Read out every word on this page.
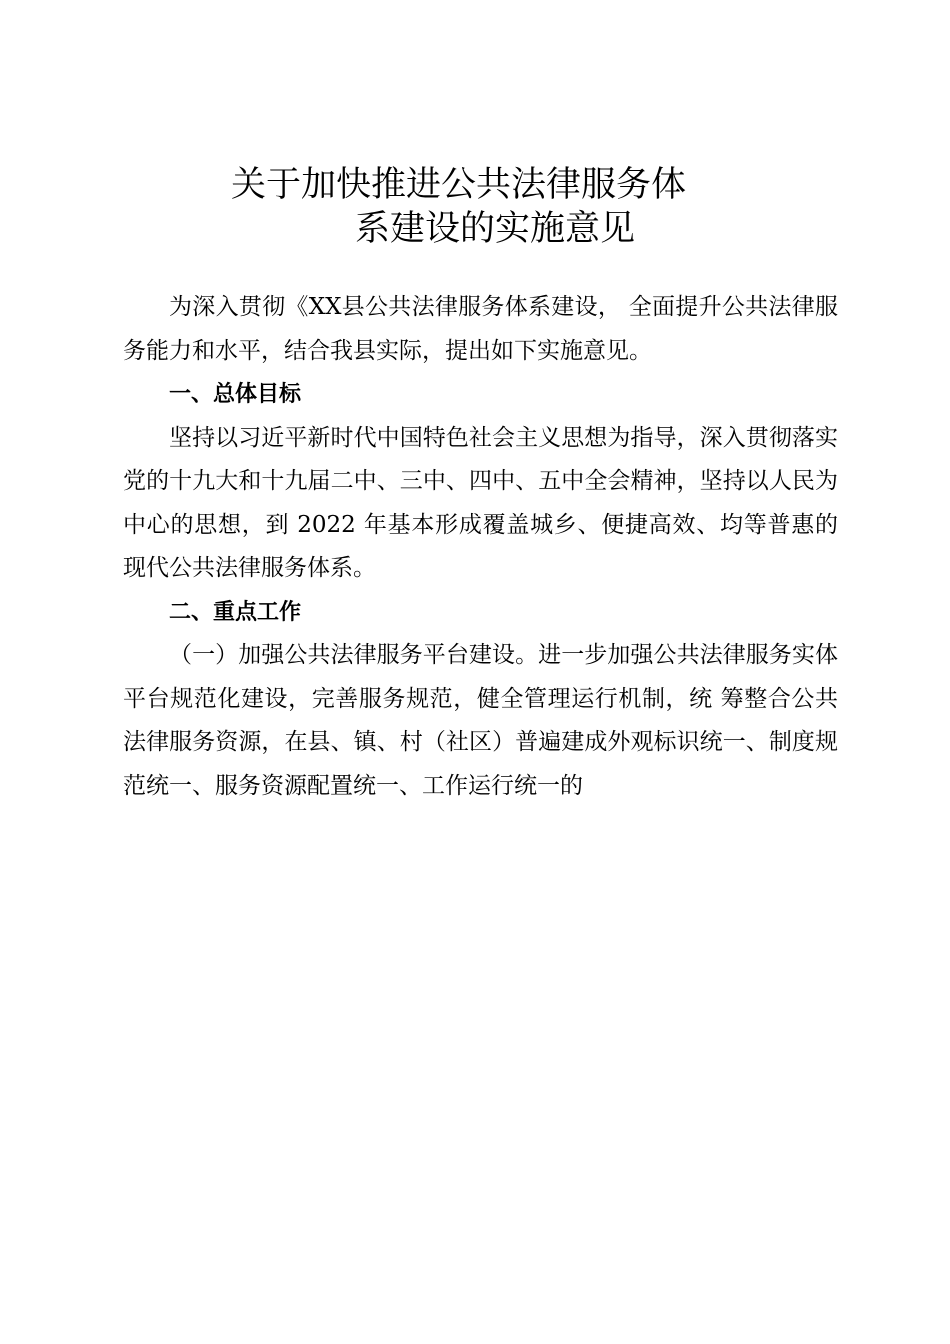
关于加快推进公共法律服务体
系建设的实施意见

为深入贯彻《XX县公共法律服务体系建设， 全面提升公共法律服务能力和水平，结合我县实际，提出如下实施意见。

一、总体目标

坚持以习近平新时代中国特色社会主义思想为指导，深入贯彻落实党的十九大和十九届二中、三中、四中、五中全会精神，坚持以人民为中心的思想，到 2022 年基本形成覆盖城乡、便捷高效、均等普惠的现代公共法律服务体系。

二、重点工作

（一）加强公共法律服务平台建设。进一步加强公共法律服务实体平台规范化建设，完善服务规范，健全管理运行机制，统 筹整合公共法律服务资源，在县、镇、村（社区）普遍建成外观标识统一、制度规范统一、服务资源配置统一、工作运行统一的
